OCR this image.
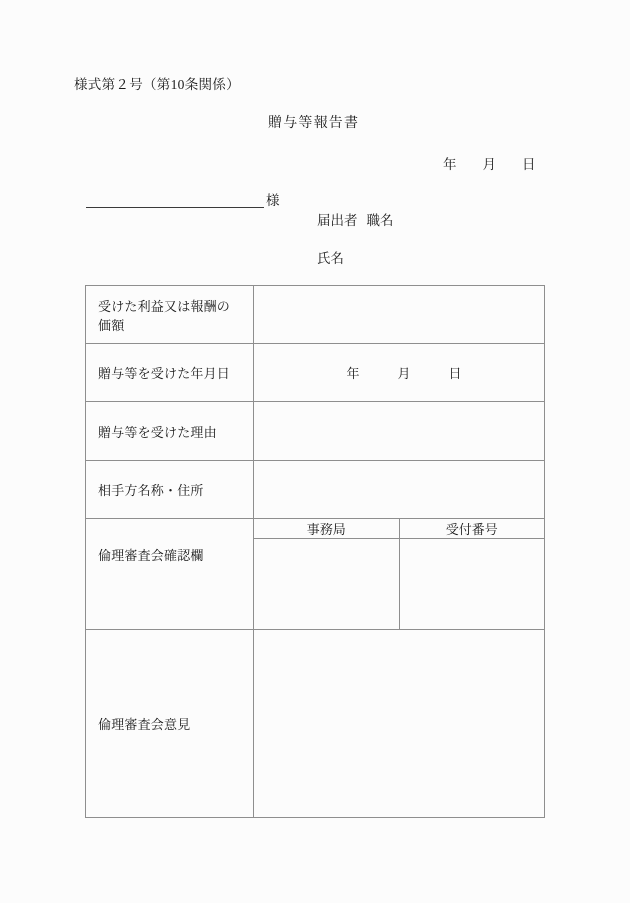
様式第２号（第10条関係）
贈与等報告書
年 月 日
様
届出者 職名
氏名
受けた利益又は報酬の価額	
贈与等を受けた年月日	年	月	日

贈与等を受けた理由	
相手方名称・住所	
倫理審査会確認欄	
事務局	受付番号

倫理審査会意見	
